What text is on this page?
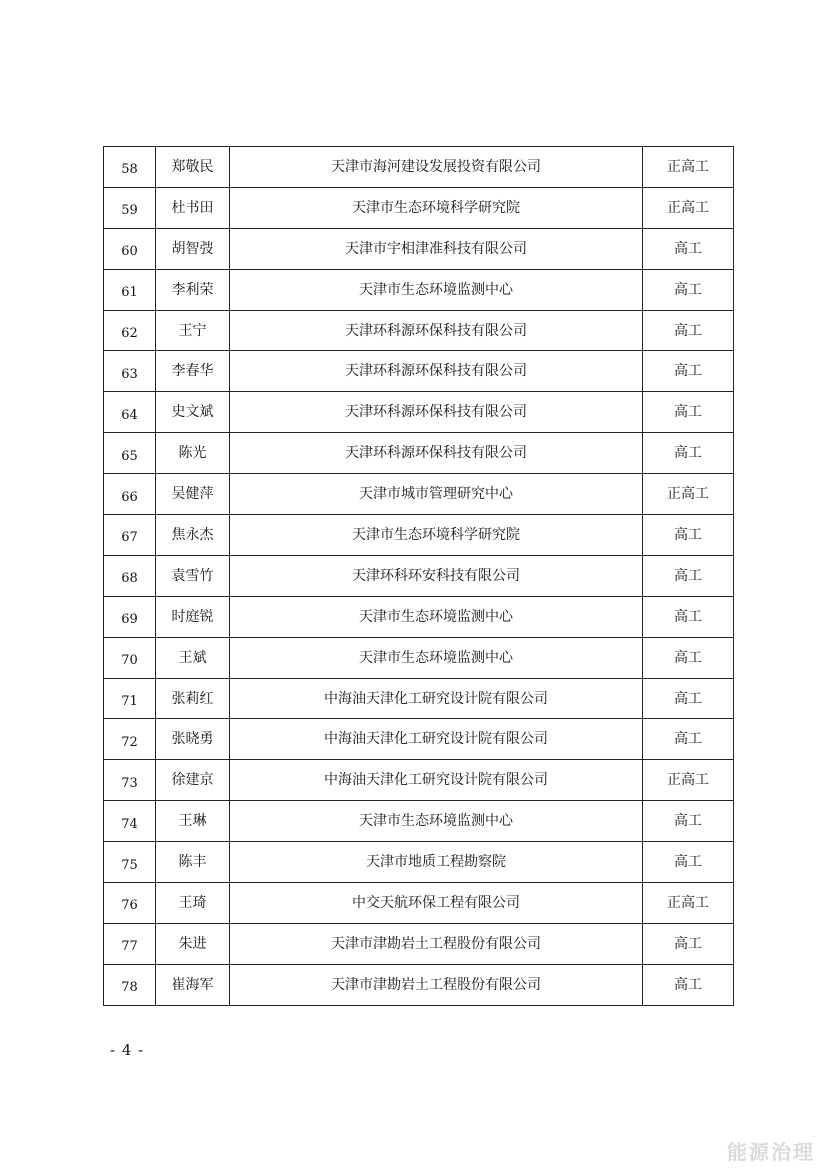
58	郑敬民	天津市海河建设发展投资有限公司	正高工
59	杜书田	天津市生态环境科学研究院	正高工
60	胡智弢	天津市宇相津准科技有限公司	高工
61	李利荣	天津市生态环境监测中心	高工
62	王宁	天津环科源环保科技有限公司	高工
63	李春华	天津环科源环保科技有限公司	高工
64	史文斌	天津环科源环保科技有限公司	高工
65	陈光	天津环科源环保科技有限公司	高工
66	吴健萍	天津市城市管理研究中心	正高工
67	焦永杰	天津市生态环境科学研究院	高工
68	袁雪竹	天津环科环安科技有限公司	高工
69	时庭锐	天津市生态环境监测中心	高工
70	王斌	天津市生态环境监测中心	高工
71	张莉红	中海油天津化工研究设计院有限公司	高工
72	张晓勇	中海油天津化工研究设计院有限公司	高工
73	徐建京	中海油天津化工研究设计院有限公司	正高工
74	王琳	天津市生态环境监测中心	高工
75	陈丰	天津市地质工程勘察院	高工
76	王琦	中交天航环保工程有限公司	正高工
77	朱进	天津市津勘岩土工程股份有限公司	高工
78	崔海军	天津市津勘岩土工程股份有限公司	高工
- 4 -
能源治理
